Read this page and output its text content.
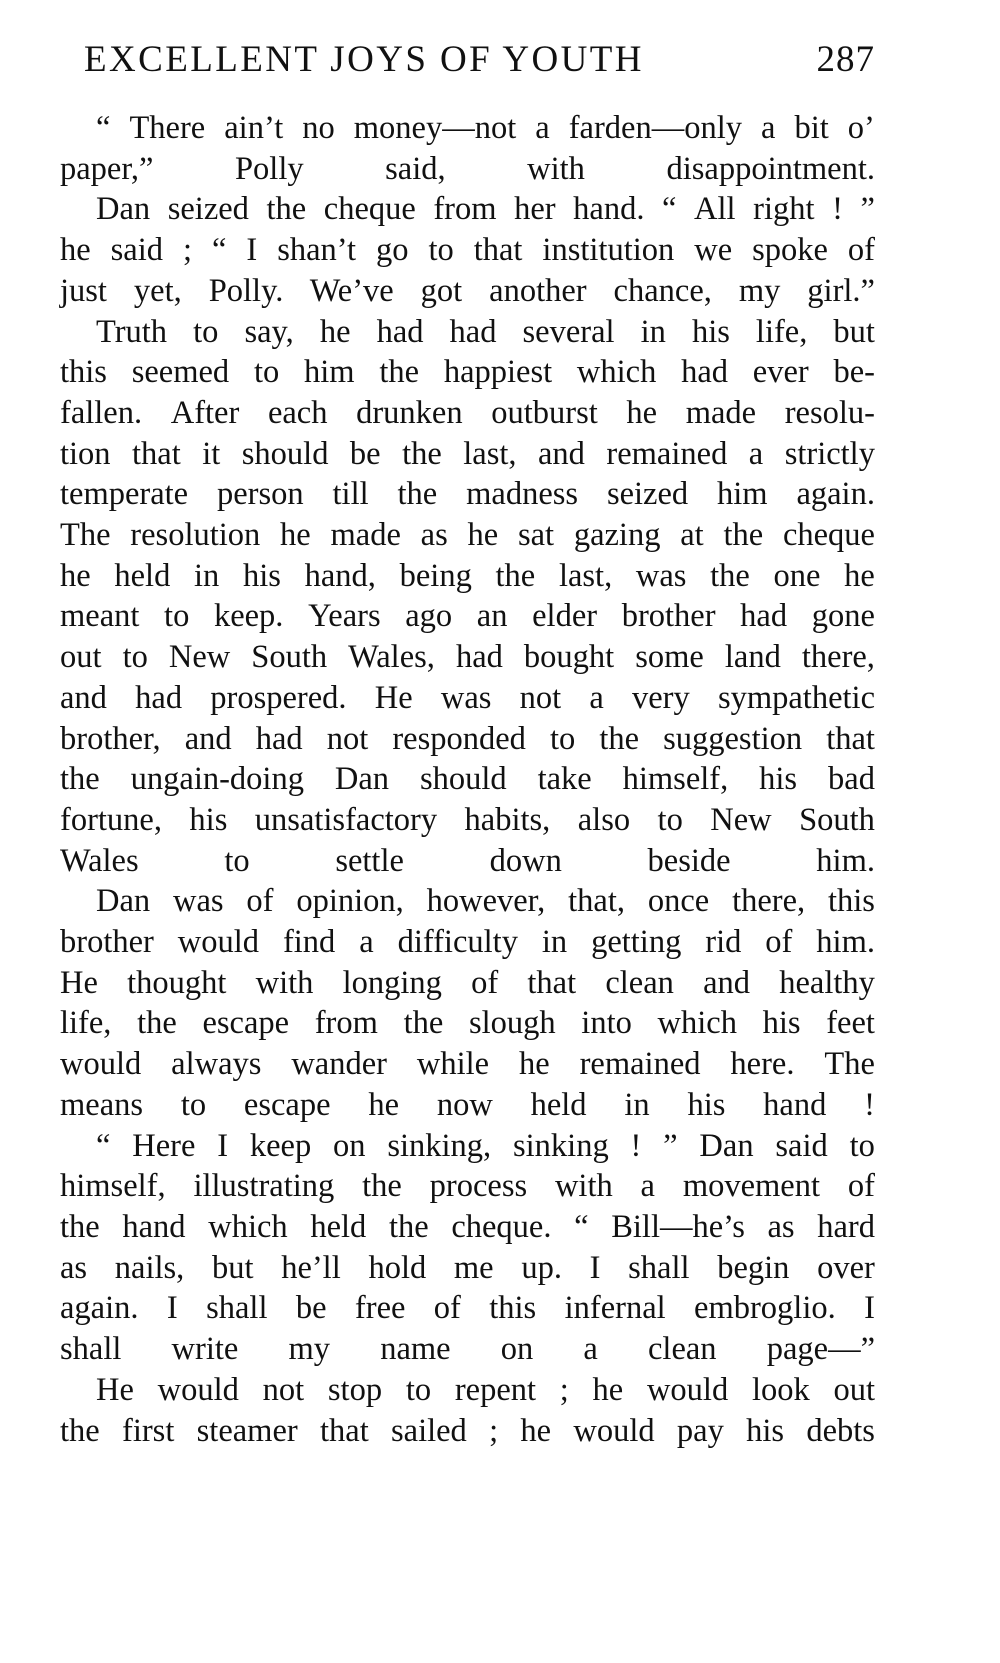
EXCELLENT JOYS OF YOUTH	287
“ There ain’t no money—not a farden—only a bit o’
paper,” Polly said, with disappointment.
Dan seized the cheque from her hand. “ All right ! ”
he said ; “ I shan’t go to that institution we spoke of
just yet, Polly. We’ve got another chance, my girl.”
Truth to say, he had had several in his life, but
this seemed to him the happiest which had ever be-
fallen. After each drunken outburst he made resolu-
tion that it should be the last, and remained a strictly
temperate person till the madness seized him again.
The resolution he made as he sat gazing at the cheque
he held in his hand, being the last, was the one he
meant to keep. Years ago an elder brother had gone
out to New South Wales, had bought some land there,
and had prospered. He was not a very sympathetic
brother, and had not responded to the suggestion that
the ungain-doing Dan should take himself, his bad
fortune, his unsatisfactory habits, also to New South
Wales to settle down beside him.
Dan was of opinion, however, that, once there, this
brother would find a difficulty in getting rid of him.
He thought with longing of that clean and healthy
life, the escape from the slough into which his feet
would always wander while he remained here. The
means to escape he now held in his hand !
“ Here I keep on sinking, sinking ! ” Dan said to
himself, illustrating the process with a movement of
the hand which held the cheque. “ Bill—he’s as hard
as nails, but he’ll hold me up. I shall begin over
again. I shall be free of this infernal embroglio. I
shall write my name on a clean page—”
He would not stop to repent ; he would look out
the first steamer that sailed ; he would pay his debts
